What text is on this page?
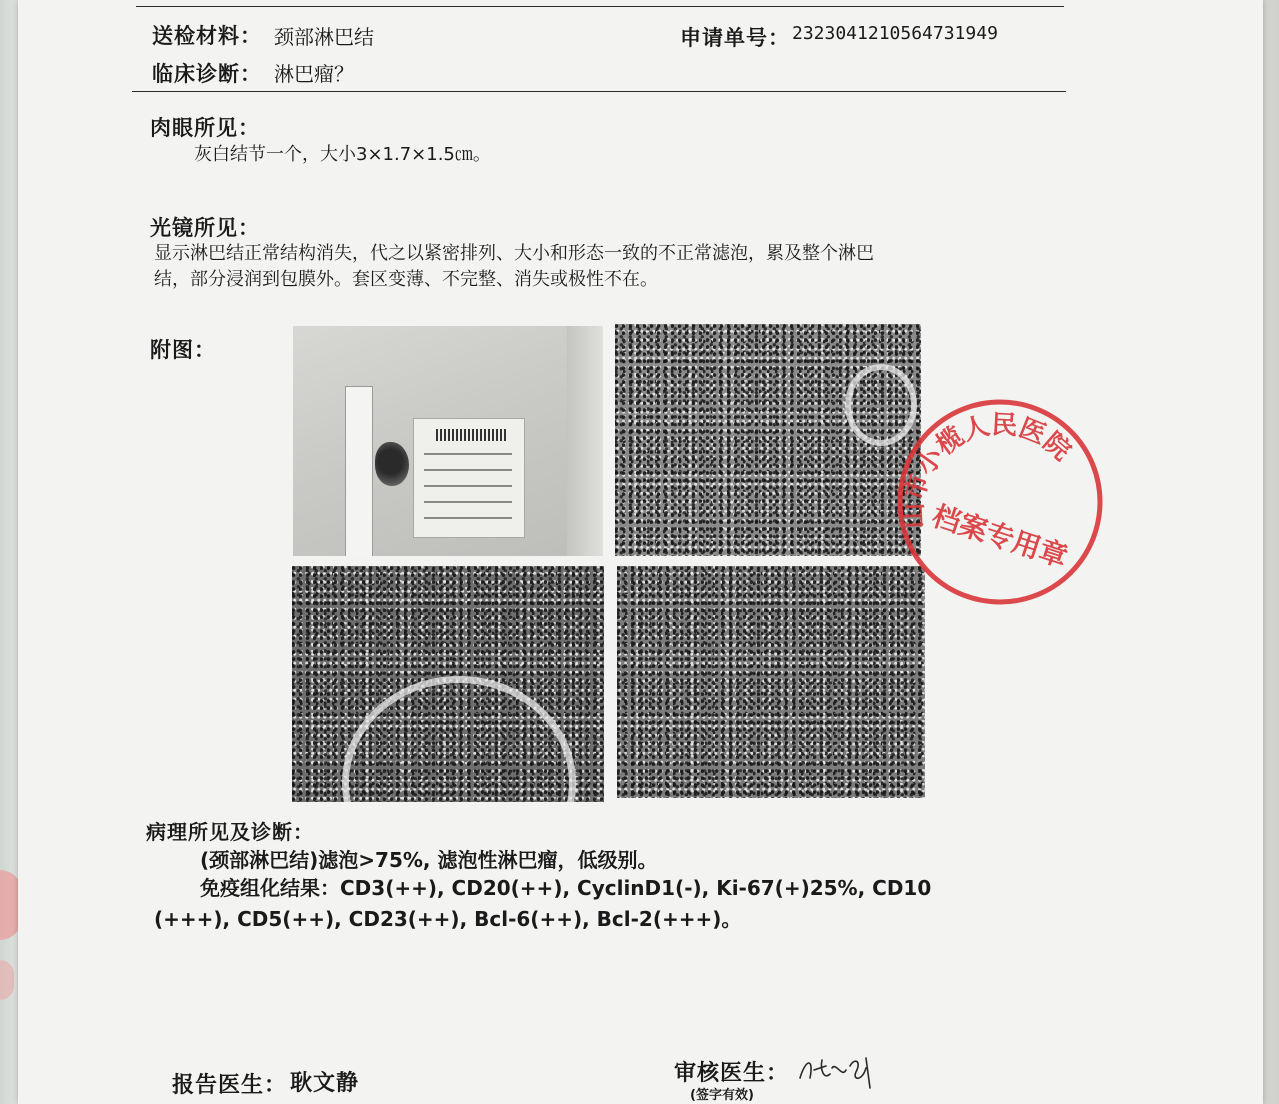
送检材料： 颈部淋巴结	申请单号： 2323041210564731949
临床诊断： 淋巴瘤？
肉眼所见：
灰白结节一个，大小3×1.7×1.5㎝。
光镜所见：
显示淋巴结正常结构消失，代之以紧密排列、大小和形态一致的不正常滤泡，累及整个淋巴
结，部分浸润到包膜外。套区变薄、不完整、消失或极性不在。
附图：
山市小榄人民医院
档案专用章
病理所见及诊断：
(颈部淋巴结)滤泡>75%, 滤泡性淋巴瘤，低级别。
免疫组化结果：CD3(++), CD20(++), CyclinD1(-), Ki-67(+)25%, CD10
(+++), CD5(++), CD23(++), Bcl-6(++), Bcl-2(+++)。
报告医生： 耿文静	审核医生：
(签字有效)
